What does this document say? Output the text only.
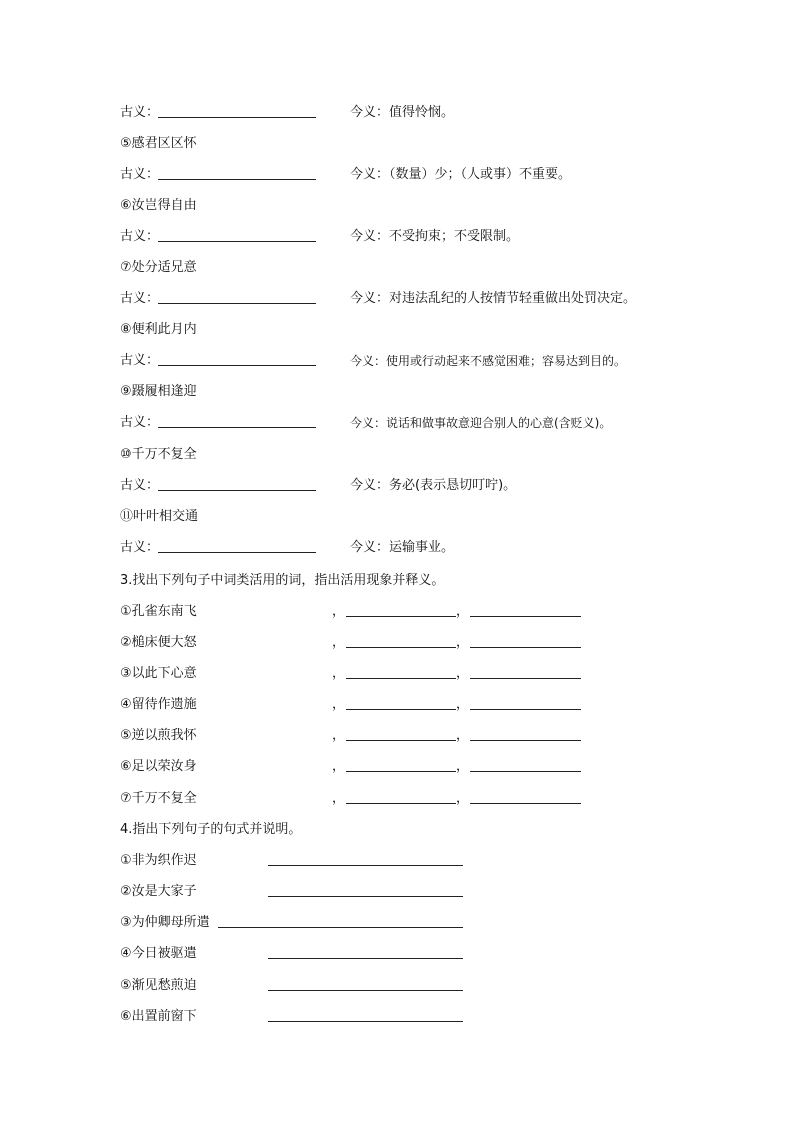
古义：	今义：值得怜悯。
⑤感君区区怀
古义：	今义：（数量）少；（人或事）不重要。
⑥汝岂得自由
古义：	今义：不受拘束；不受限制。
⑦处分适兄意
古义：	今义：对违法乱纪的人按情节轻重做出处罚决定。
⑧便利此月内
古义：	今义：使用或行动起来不感觉困难；容易达到目的。
⑨蹑履相逢迎
古义：	今义：说话和做事故意迎合别人的心意(含贬义)。
⑩千万不复全
古义：	今义：务必(表示恳切叮咛)。
⑪叶叶相交通
古义：	今义：运输事业。
3.找出下列句子中词类活用的词，指出活用现象并释义。
①孔雀东南飞	，	，
②槌床便大怒	，	，
③以此下心意	，	，
④留待作遗施	，	，
⑤逆以煎我怀	，	，
⑥足以荣汝身	，	，
⑦千万不复全	，	，
4.指出下列句子的句式并说明。
①非为织作迟
②汝是大家子
③为仲卿母所遣
④今日被驱遣
⑤渐见愁煎迫
⑥出置前窗下
